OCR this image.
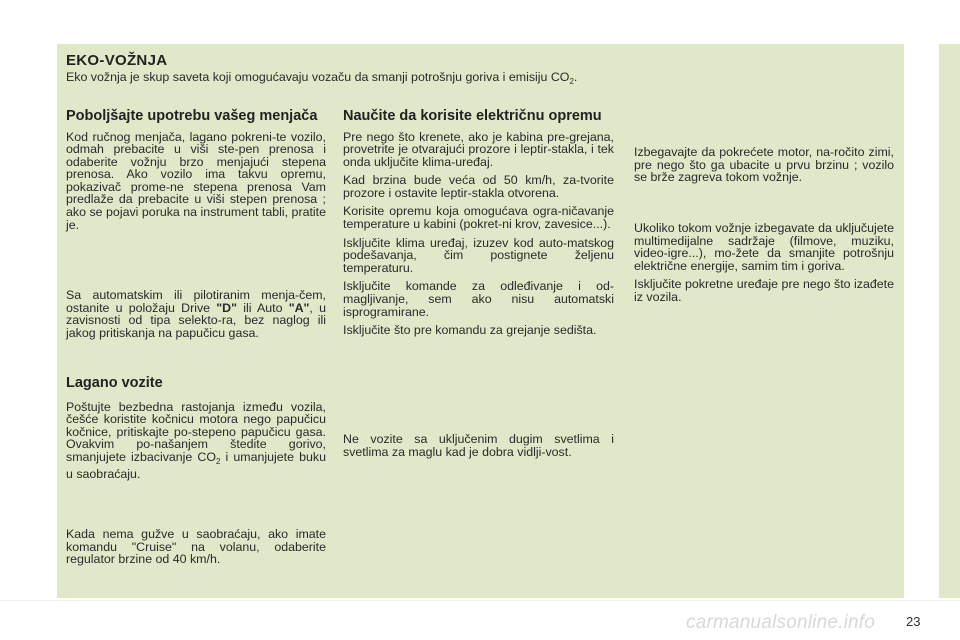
EKO-VOŽNJA
Eko vožnja je skup saveta koji omogućavaju vozaču da smanji potrošnju goriva i emisiju $CO_2$.
Poboljšajte upotrebu vašeg menjača

Kod ručnog menjača, lagano pokreni-te vozilo, odmah prebacite u viši ste-pen prenosa i odaberite vožnju brzo menjajući stepena prenosa. Ako vozilo ima takvu opremu, pokazivač prome-ne stepena prenosa Vam predlaže da prebacite u viši stepen prenosa ; ako se pojavi poruka na instrument tabli, pratite je.

Sa automatskim ili pilotiranim menja-čem, ostanite u položaju Drive "D" ili Auto "A", u zavisnosti od tipa selekto-ra, bez naglog ili jakog pritiskanja na papučicu gasa.

Lagano vozite

Poštujte bezbedna rastojanja između vozila, češće koristite kočnicu motora nego papučicu kočnice, pritiskajte po-stepeno papučicu gasa. Ovakvim po-našanjem štedite gorivo, smanjujete izbacivanje $CO_2$ i umanjujete buku u saobraćaju.

Kada nema gužve u saobraćaju, ako imate komandu "Cruise" na volanu, odaberite regulator brzine od 40 km/h.

Naučite da korisite električnu opremu

Pre nego što krenete, ako je kabina pre-grejana, provetrite je otvarajući prozore i leptir-stakla, i tek onda uključite klima-uređaj.

Kad brzina bude veća od 50 km/h, za-tvorite prozore i ostavite leptir-stakla otvorena.

Korisite opremu koja omogućava ogra-ničavanje temperature u kabini (pokret-ni krov, zavesice...).

Isključite klima uređaj, izuzev kod auto-matskog podešavanja, čim postignete željenu temperaturu.

Isključite komande za odleđivanje i od-magljivanje, sem ako nisu automatski isprogramirane.

Isključite što pre komandu za grejanje sedišta.

Ne vozite sa uključenim dugim svetlima i svetlima za maglu kad je dobra vidlji-vost.

Izbegavajte da pokrećete motor, na-ročito zimi, pre nego što ga ubacite u prvu brzinu ; vozilo se brže zagreva tokom vožnje.

Ukoliko tokom vožnje izbegavate da uključujete multimedijalne sadržaje (filmove, muziku, video-igre...), mo-žete da smanjite potrošnju električne energije, samim tim i goriva.

Isključite pokretne uređaje pre nego što izađete iz vozila.

carmanualsonline.info 23
